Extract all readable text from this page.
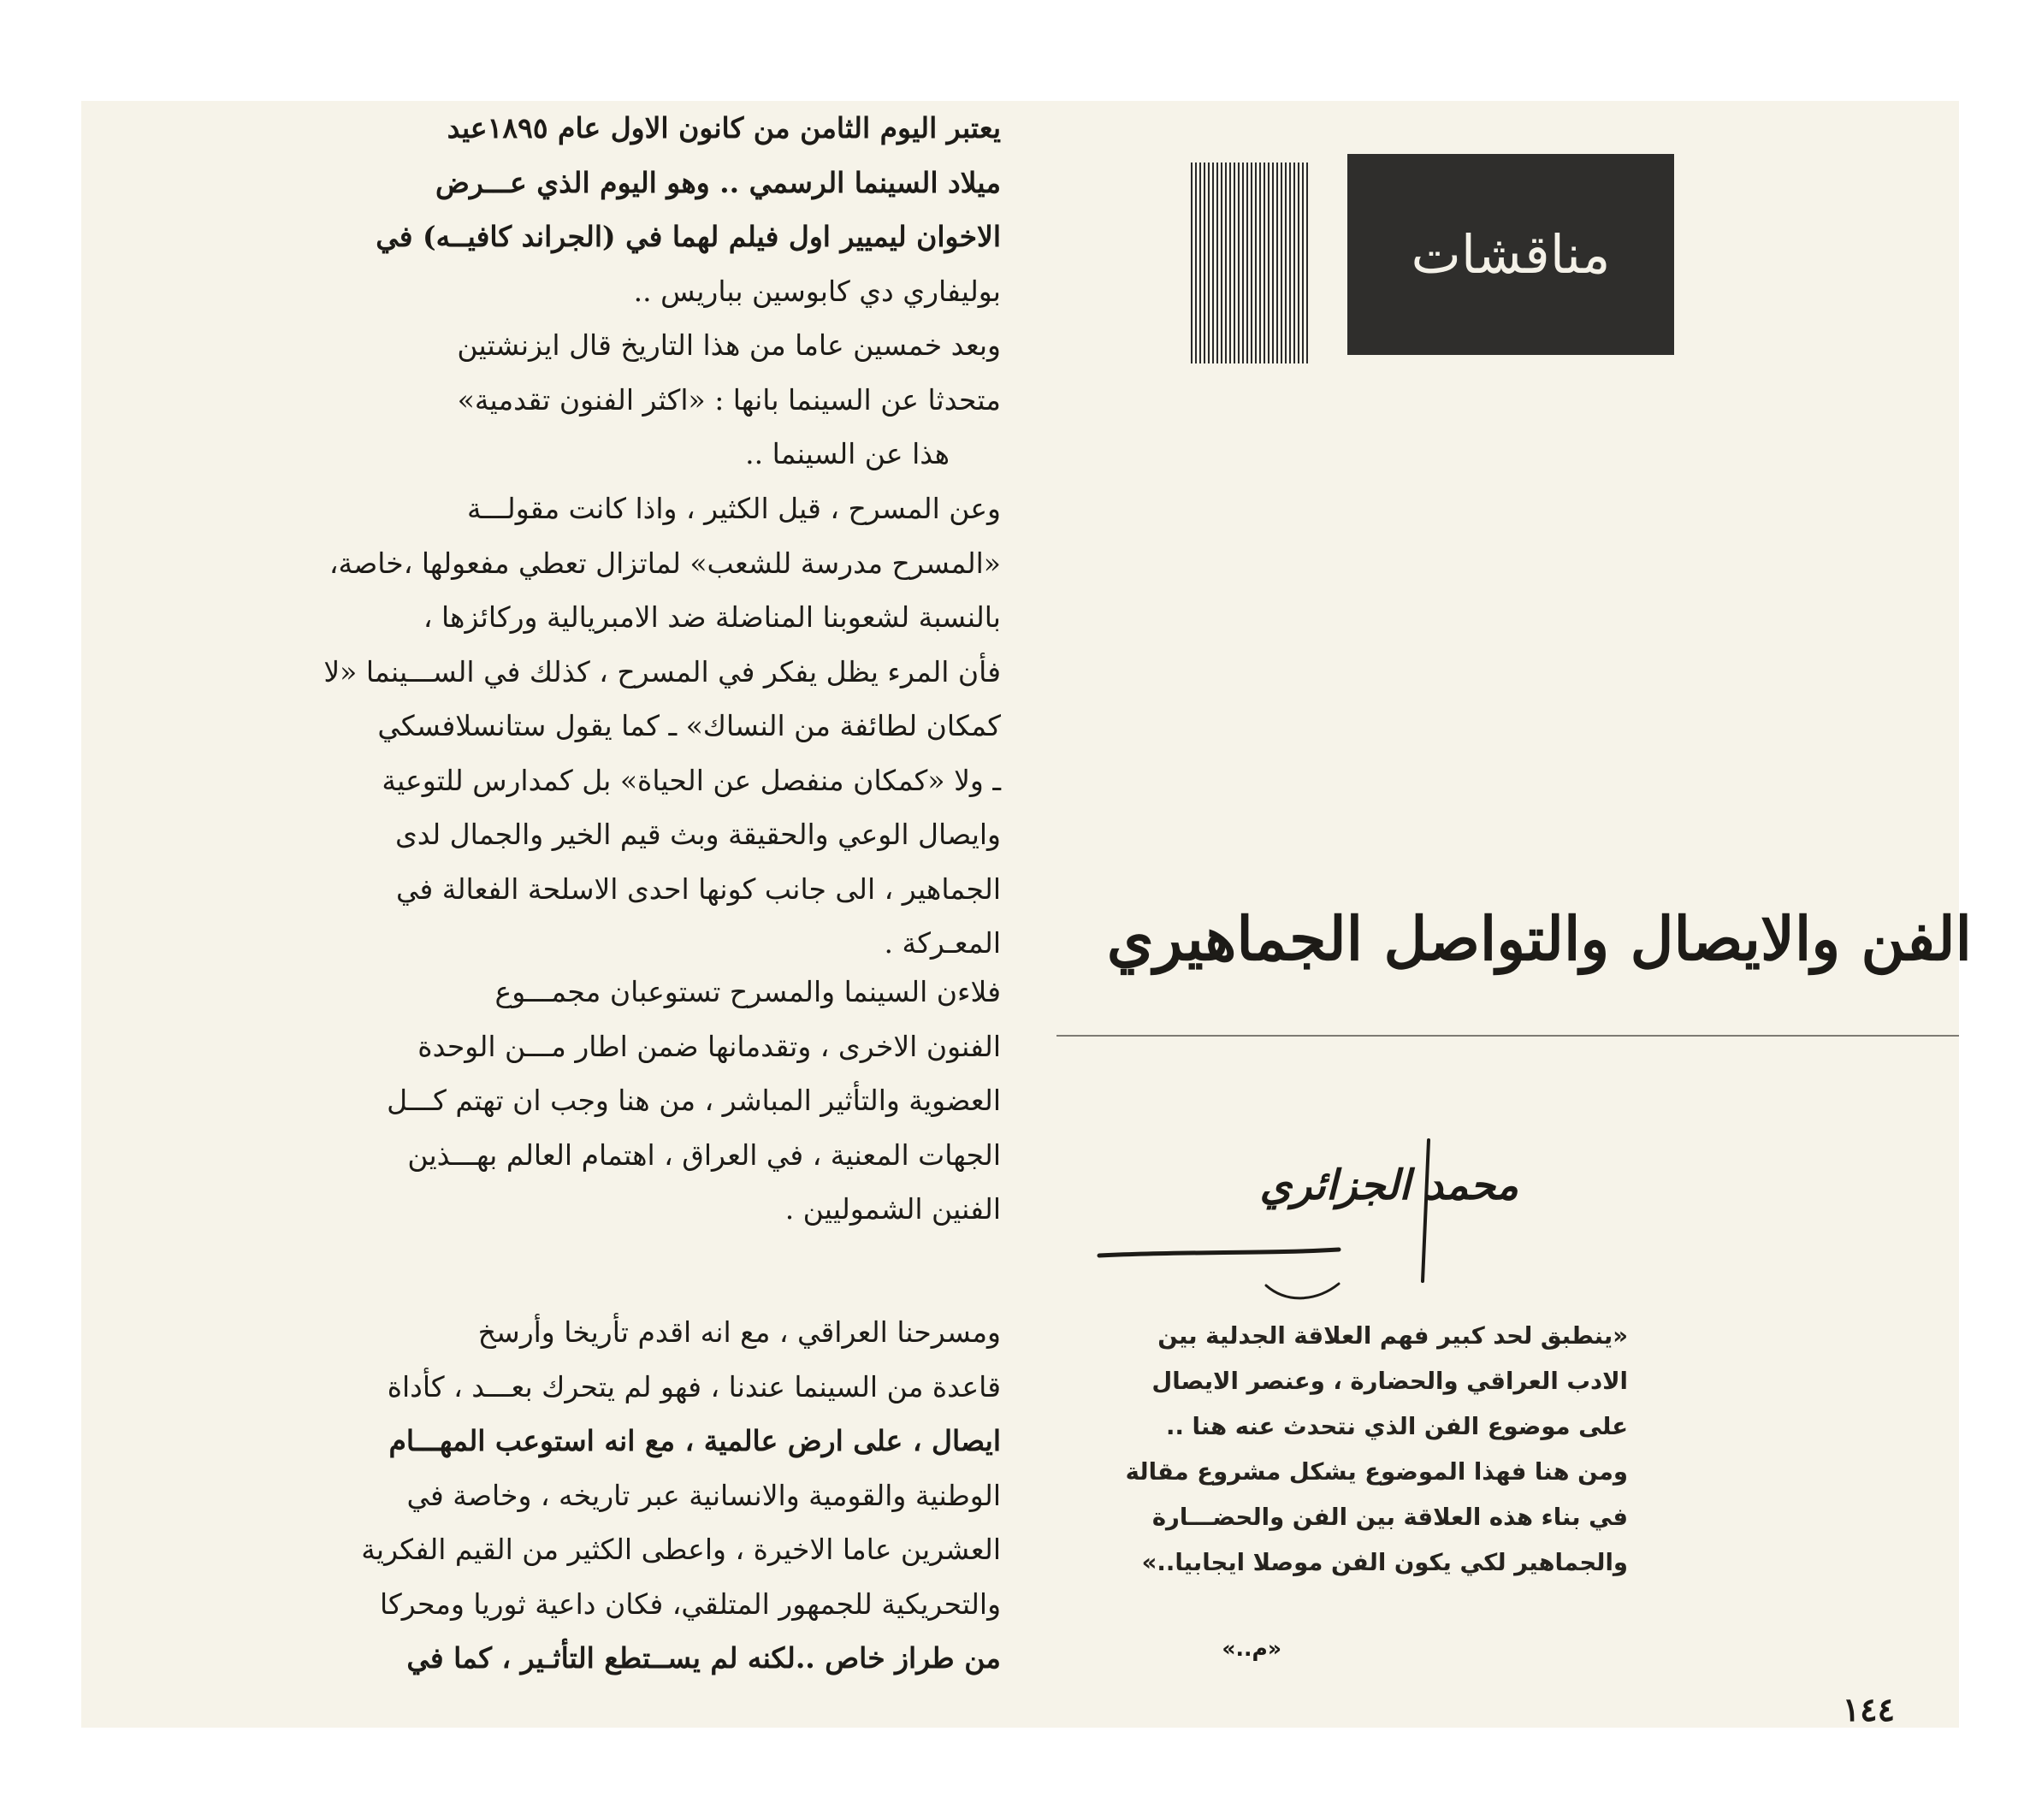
يعتبر اليوم الثامن من كانون الاول عام ١٨٩٥عيد
ميلاد السينما الرسمي .. وهو اليوم الذي عـــرض
الاخوان ليميير اول فيلم لهما في (الجراند كافيــه) في
بوليفاري دي كابوسين بباريس ..

وبعد خمسين عاما من هذا التاريخ قال ايزنشتين
متحدثا عن السينما بانها : «اكثر الفنون تقدمية»
هذا عن السينما ..

وعن المسرح ، قيل الكثير ، واذا كانت مقولـــة
«المسرح مدرسة للشعب» لماتزال تعطي مفعولها ،خاصة،
بالنسبة لشعوبنا المناضلة ضد الامبريالية وركائزها ،
فأن المرء يظل يفكر في المسرح ، كذلك في الســـينما «لا
كمكان لطائفة من النساك» ـ كما يقول ستانسلافسكي
ـ ولا «كمكان منفصل عن الحياة» بل كمدارس للتوعية
وايصال الوعي والحقيقة وبث قيم الخير والجمال لدى
الجماهير ، الى جانب كونها احدى الاسلحة الفعالة في
المعـركة .

فلاءن السينما والمسرح تستوعبان مجمـــوع
الفنون الاخرى ، وتقدمانها ضمن اطار مـــن الوحدة
العضوية والتأثير المباشر ، من هنا وجب ان تهتم كـــل
الجهات المعنية ، في العراق ، اهتمام العالم بهـــذين
الفنين الشموليين .

ومسرحنا العراقي ، مع انه اقدم تأريخا وأرسخ
قاعدة من السينما عندنا ، فهو لم يتحرك بعـــد ، كأداة
ايصال ، على ارض عالمية ، مع انه استوعب المهـــام
الوطنية والقومية والانسانية عبر تاريخه ، وخاصة في
العشرين عاما الاخيرة ، واعطى الكثير من القيم الفكرية
والتحريكية للجمهور المتلقي، فكان داعية ثوريا ومحركا
من طراز خاص ..لكنه لم يســتطع التأثـير ، كما في

مناقشات
الفن والايصال والتواصل الجماهيري
محمد الجزائري
«ينطبق لحد كبير فهم العلاقة الجدلية بين
الادب العراقي والحضارة ، وعنصر الايصال
على موضوع الفن الذي نتحدث عنه هنا ..
ومن هنا فهذا الموضوع يشكل مشروع مقالة
في بناء هذه العلاقة بين الفن والحضـــارة
والجماهير لكي يكون الفن موصلا ايجابيا..»
«م..»
١٤٤
